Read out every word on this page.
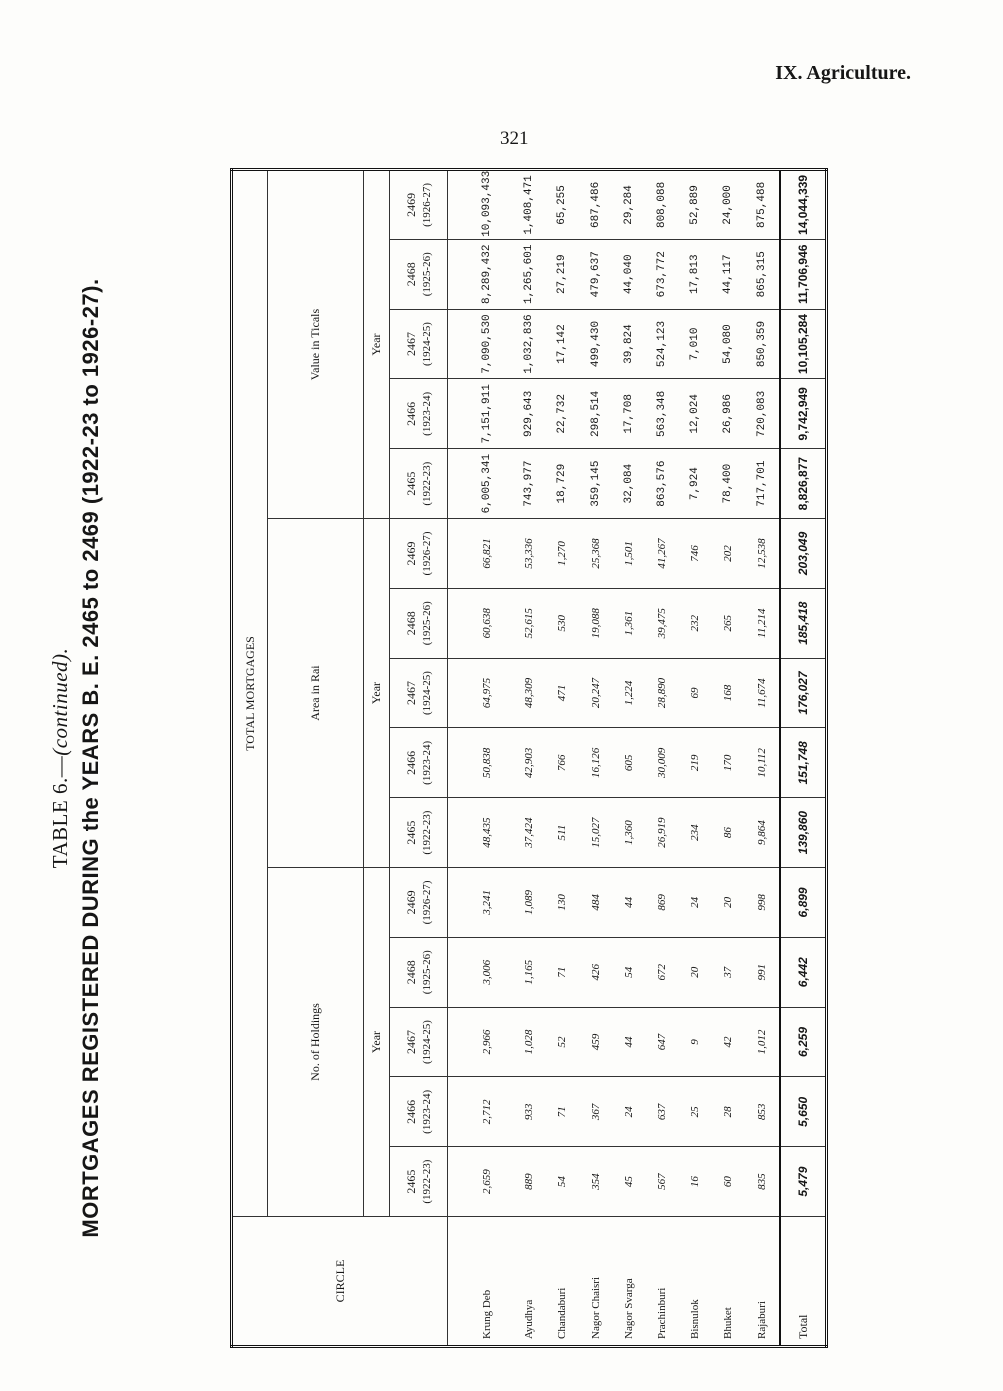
IX. Agriculture.
321
TABLE 6.—(continued). MORTGAGES REGISTERED DURING the YEARS B. E. 2465 to 2469 (1922-23 to 1926-27).
CIRCLE	TOTAL MORTGAGES														
	No. of Holdings					Area in Rai					Value in Ticals				
	Year					Year					Year				
	2465 (1922-23)	2466 (1923-24)	2467 (1924-25)	2468 (1925-26)	2469 (1926-27)	2465 (1922-23)	2466 (1923-24)	2467 (1924-25)	2468 (1925-26)	2469 (1926-27)	2465 (1922-23)	2466 (1923-24)	2467 (1924-25)	2468 (1925-26)	2469 (1926-27)
Krung Deb	2,659	2,712	2,966	3,006	3,241	48,435	50,838	64,975	60,638	66,821	6,005,341	7,151,911	7,090,530	8,289,432	10,093,433
Ayudhya	889	933	1,028	1,165	1,089	37,424	42,903	48,309	52,615	53,336	743,977	929,643	1,032,836	1,265,601	1,408,471
Chandaburi	54	71	52	71	130	511	766	471	530	1,270	18,729	22,732	17,142	27,219	65,255
Nagor Chaisri	354	367	459	426	484	15,027	16,126	20,247	19,088	25,368	359,145	298,514	499,430	479,637	687,486
Nagor Svarga	45	24	44	54	44	1,360	605	1,224	1,361	1,501	32,084	17,708	39,824	44,040	29,284
Prachinburi	567	637	647	672	869	26,919	30,009	28,890	39,475	41,267	863,576	563,348	524,123	673,772	808,088
Bisnulok	16	25	9	20	24	234	219	69	232	746	7,924	12,024	7,010	17,813	52,889
Bhuket	60	28	42	37	20	86	170	168	265	202	78,400	26,986	54,080	44,117	24,000
Rajaburi	835	853	1,012	991	998	9,864	10,112	11,674	11,214	12,538	717,701	720,083	850,359	865,315	875,488
Total	5,479	5,650	6,259	6,442	6,899	139,860	151,748	176,027	185,418	203,049	8,826,877	9,742,949	10,105,284	11,706,946	14,044,339
